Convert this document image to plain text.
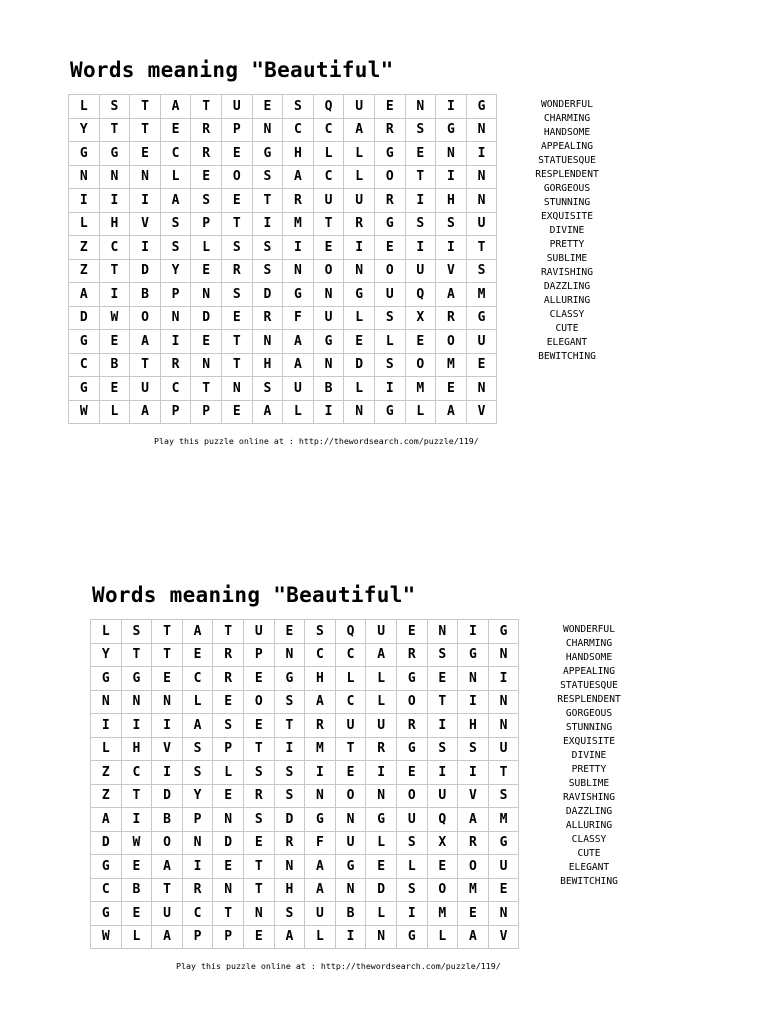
Words meaning "Beautiful"
L	S	T	A	T	U	E	S	Q	U	E	N	I	G
Y	T	T	E	R	P	N	C	C	A	R	S	G	N
G	G	E	C	R	E	G	H	L	L	G	E	N	I
N	N	N	L	E	O	S	A	C	L	O	T	I	N
I	I	I	A	S	E	T	R	U	U	R	I	H	N
L	H	V	S	P	T	I	M	T	R	G	S	S	U
Z	C	I	S	L	S	S	I	E	I	E	I	I	T
Z	T	D	Y	E	R	S	N	O	N	O	U	V	S
A	I	B	P	N	S	D	G	N	G	U	Q	A	M
D	W	O	N	D	E	R	F	U	L	S	X	R	G
G	E	A	I	E	T	N	A	G	E	L	E	O	U
C	B	T	R	N	T	H	A	N	D	S	O	M	E
G	E	U	C	T	N	S	U	B	L	I	M	E	N
W	L	A	P	P	E	A	L	I	N	G	L	A	V
WONDERFUL
CHARMING
HANDSOME
APPEALING
STATUESQUE
RESPLENDENT
GORGEOUS
STUNNING
EXQUISITE
DIVINE
PRETTY
SUBLIME
RAVISHING
DAZZLING
ALLURING
CLASSY
CUTE
ELEGANT
BEWITCHING
Play this puzzle online at : http://thewordsearch.com/puzzle/119/
Words meaning "Beautiful"
L	S	T	A	T	U	E	S	Q	U	E	N	I	G
Y	T	T	E	R	P	N	C	C	A	R	S	G	N
G	G	E	C	R	E	G	H	L	L	G	E	N	I
N	N	N	L	E	O	S	A	C	L	O	T	I	N
I	I	I	A	S	E	T	R	U	U	R	I	H	N
L	H	V	S	P	T	I	M	T	R	G	S	S	U
Z	C	I	S	L	S	S	I	E	I	E	I	I	T
Z	T	D	Y	E	R	S	N	O	N	O	U	V	S
A	I	B	P	N	S	D	G	N	G	U	Q	A	M
D	W	O	N	D	E	R	F	U	L	S	X	R	G
G	E	A	I	E	T	N	A	G	E	L	E	O	U
C	B	T	R	N	T	H	A	N	D	S	O	M	E
G	E	U	C	T	N	S	U	B	L	I	M	E	N
W	L	A	P	P	E	A	L	I	N	G	L	A	V
WONDERFUL
CHARMING
HANDSOME
APPEALING
STATUESQUE
RESPLENDENT
GORGEOUS
STUNNING
EXQUISITE
DIVINE
PRETTY
SUBLIME
RAVISHING
DAZZLING
ALLURING
CLASSY
CUTE
ELEGANT
BEWITCHING
Play this puzzle online at : http://thewordsearch.com/puzzle/119/
